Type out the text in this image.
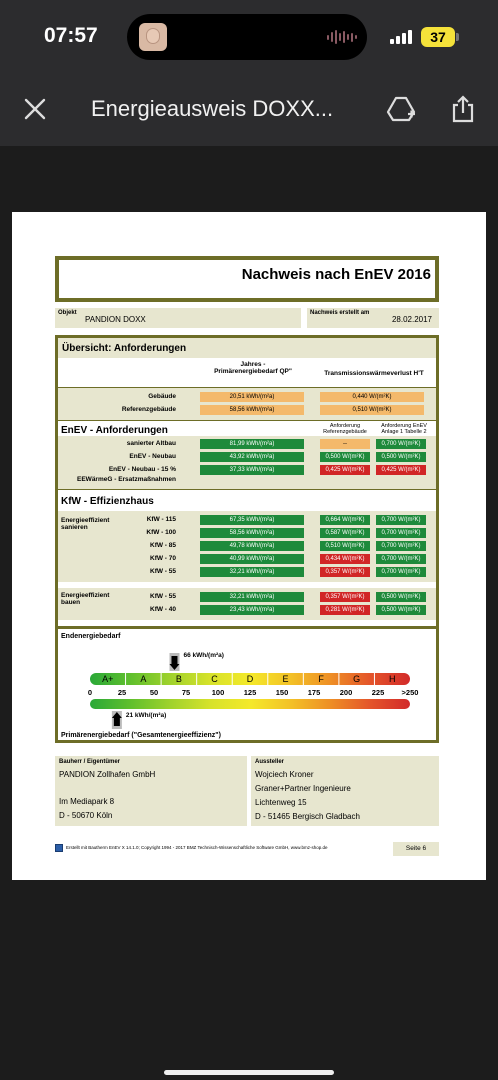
07:57	37
Energieausweis DOXX...
Nachweis nach EnEV 2016
Objekt
PANDION DOXX
Nachweis erstellt am
28.02.2017
Übersicht: Anforderungen
Jahres -
Primärenergiebedarf QP"	Transmissionswärmeverlust H'T
Gebäude	20,51 kWh/(m²a)	0,440 W/(m²K)
Referenzgebäude	58,56 kWh/(m²a)	0,510 W/(m²K)
EnEV - Anforderungen	Anforderung
Referenzgebäude
Anforderung EnEV
Anlage 1 Tabelle 2
sanierter Altbau	81,99 kWh/(m²a)	--	0,700 W/(m²K)
EnEV - Neubau	43,92 kWh/(m²a)	0,500 W/(m²K)	0,500 W/(m²K)
EnEV - Neubau - 15 %	37,33 kWh/(m²a)	0,425 W/(m²K)	0,425 W/(m²K)
EEWärmeG - Ersatzmaßnahmen
KfW - Effizienzhaus
Energieeffizient
sanieren
KfW - 115	67,35 kWh/(m²a)	0,664 W/(m²K)	0,700 W/(m²K)
KfW - 100	58,56 kWh/(m²a)	0,587 W/(m²K)	0,700 W/(m²K)
KfW - 85	49,78 kWh/(m²a)	0,510 W/(m²K)	0,700 W/(m²K)
KfW - 70	40,99 kWh/(m²a)	0,434 W/(m²K)	0,700 W/(m²K)
KfW - 55	32,21 kWh/(m²a)	0,357 W/(m²K)	0,700 W/(m²K)
Energieeffizient
bauen
KfW - 55	32,21 kWh/(m²a)	0,357 W/(m²K)	0,500 W/(m²K)
KfW - 40	23,43 kWh/(m²a)	0,281 W/(m²K)	0,500 W/(m²K)
Endenergiebedarf
A+	A	B	C	D	E	F	G	H
0	25	50	75	100	125	150	175	200	225 >250
66 kWh/(m²a)
21 kWh/(m²a)
Primärenergiebedarf ("Gesamtenergieeffizienz")
Bauherr / Eigentümer
PANDION Zollhafen GmbH
Im Mediapark 8
D - 50670 Köln
Aussteller
Wojciech Kroner
Graner+Partner Ingenieure
Lichtenweg 15
D - 51465 Bergisch Gladbach
Erstellt mit Bautherm EnEV X 14.1.0; Copyright 1994 - 2017 BMZ Technisch-Wissenschaftliche Software GmbH, www.bmz-shop.de	Seite 6
